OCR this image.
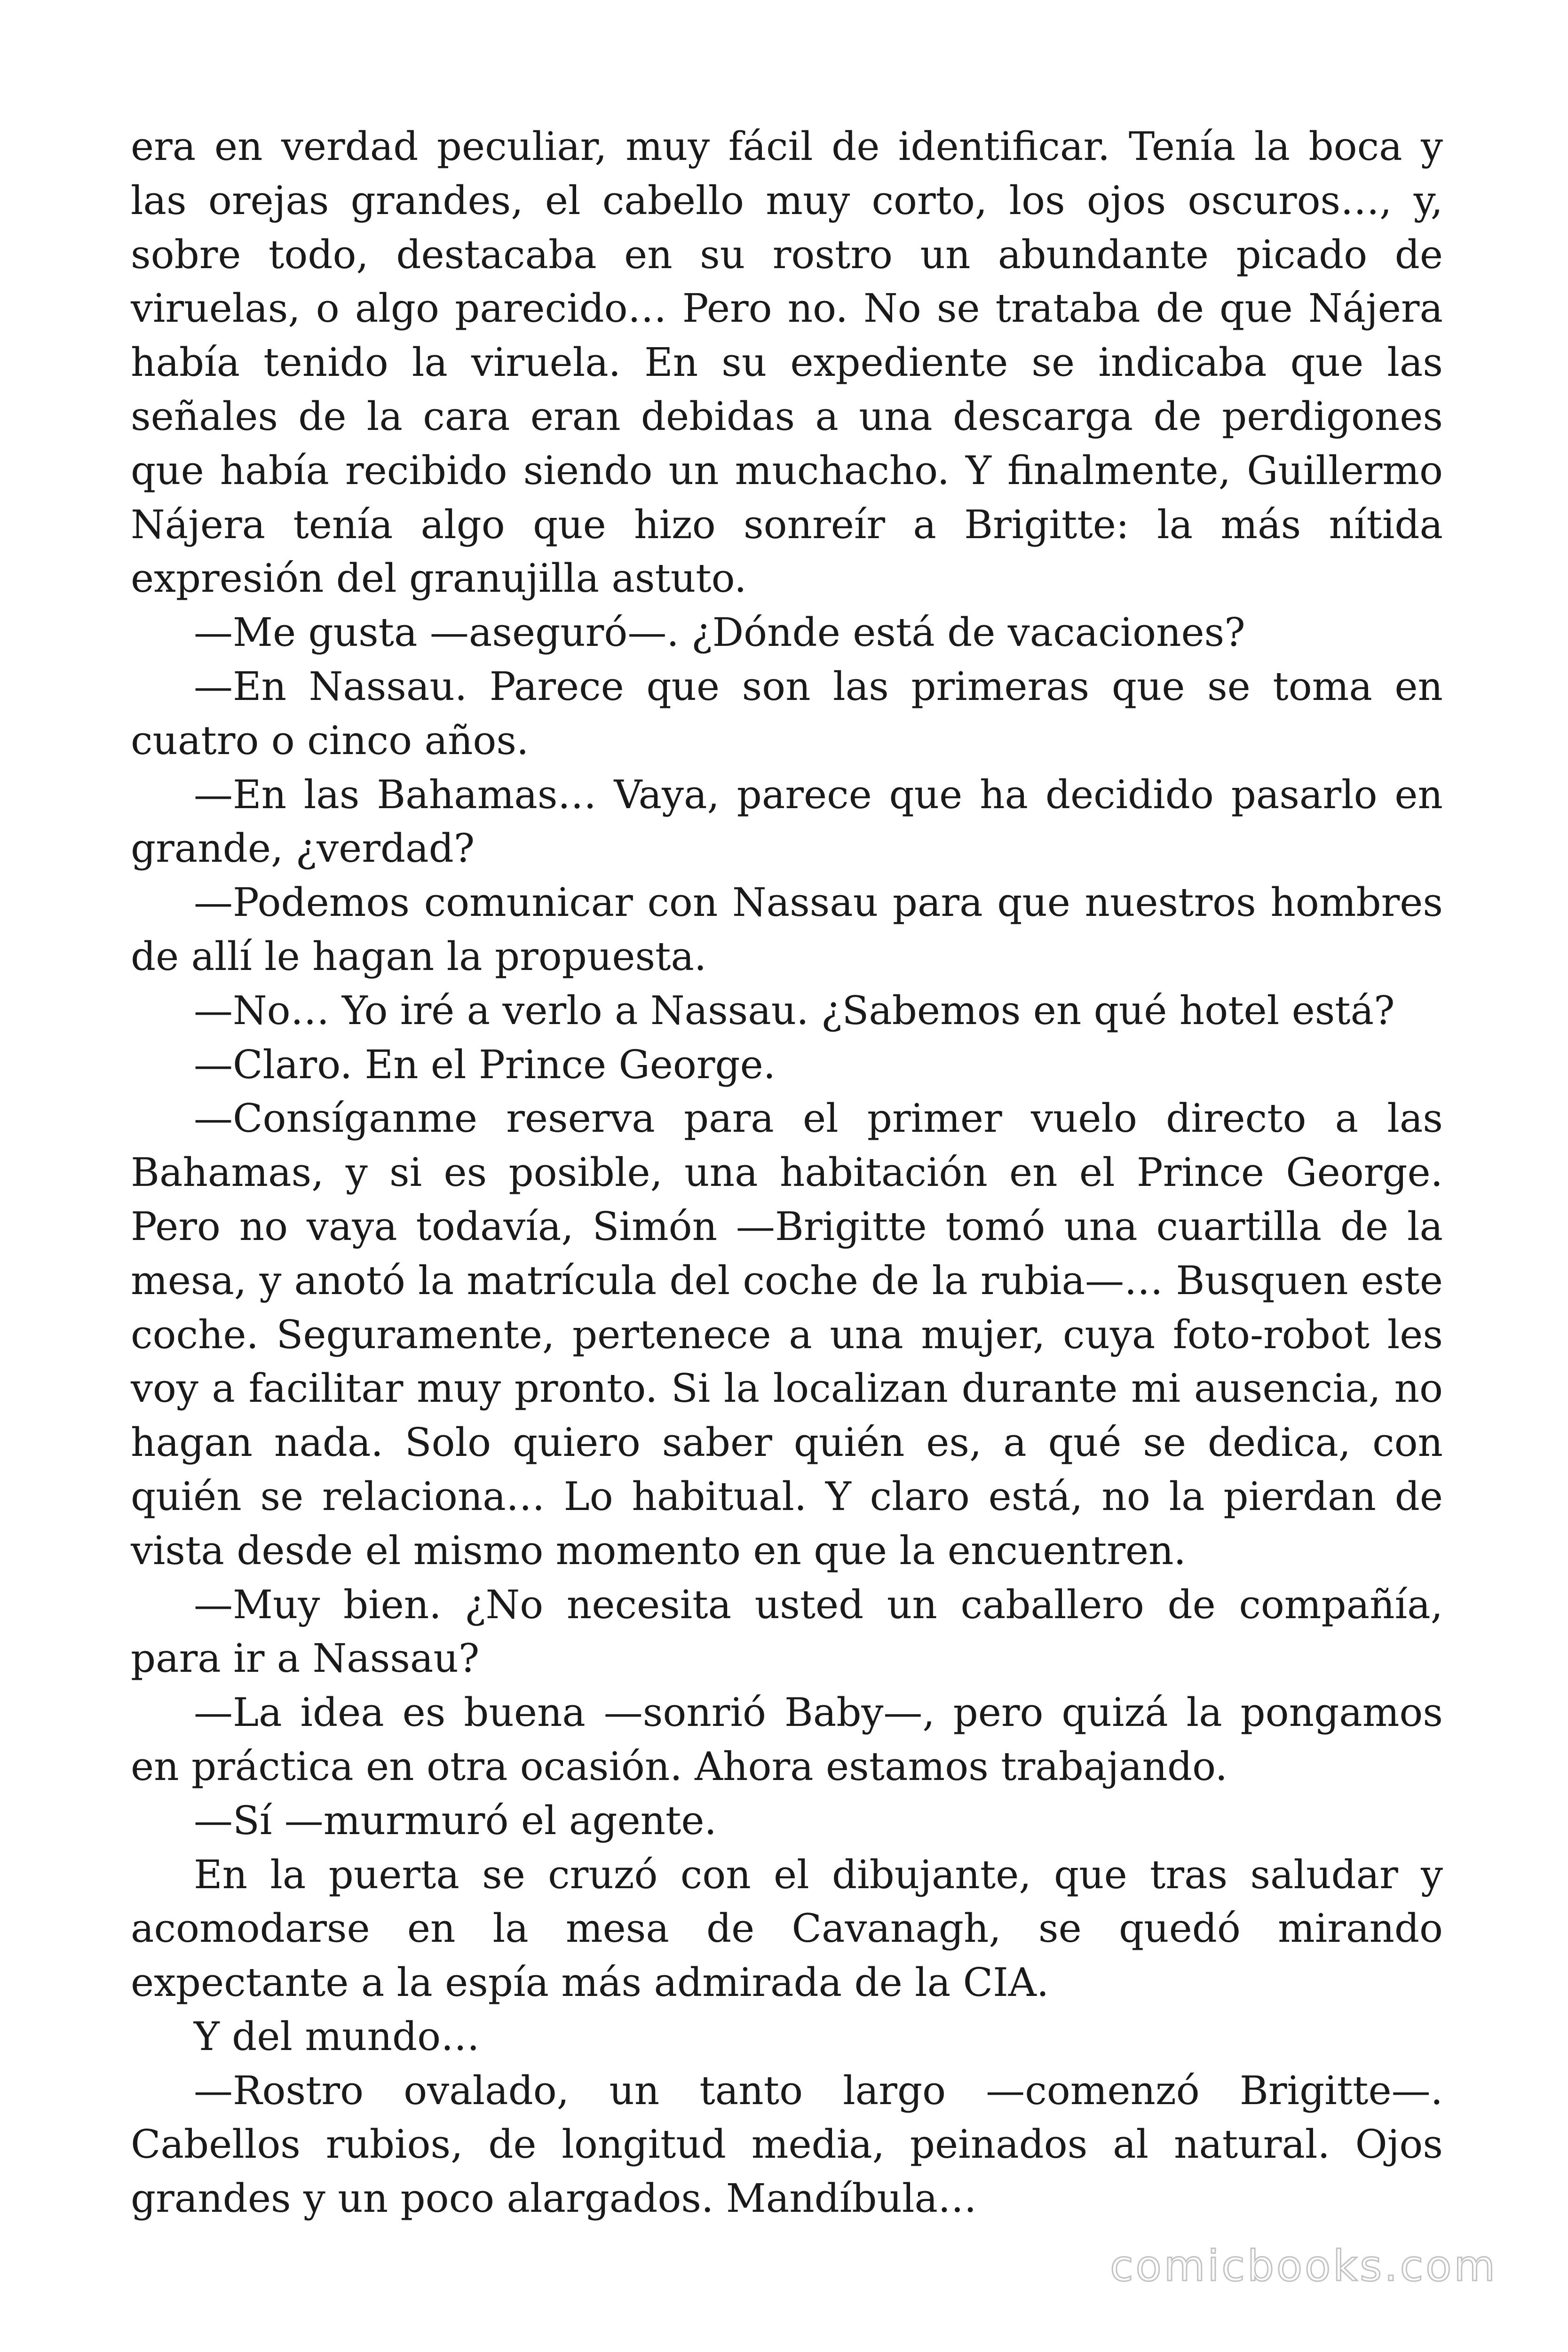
era en verdad peculiar, muy fácil de identificar. Tenía la boca y las orejas grandes, el cabello muy corto, los ojos oscuros…, y, sobre todo, destacaba en su rostro un abundante picado de viruelas, o algo parecido… Pero no. No se trataba de que Nájera había tenido la viruela. En su expediente se indicaba que las señales de la cara eran debidas a una descarga de perdigones que había recibido siendo un muchacho. Y finalmente, Guillermo Nájera tenía algo que hizo sonreír a Brigitte: la más nítida expresión del granujilla astuto.

—Me gusta —aseguró—. ¿Dónde está de vacaciones?

—En Nassau. Parece que son las primeras que se toma en cuatro o cinco años.

—En las Bahamas… Vaya, parece que ha decidido pasarlo en grande, ¿verdad?

—Podemos comunicar con Nassau para que nuestros hombres de allí le hagan la propuesta.

—No… Yo iré a verlo a Nassau. ¿Sabemos en qué hotel está?

—Claro. En el Prince George.

—Consíganme reserva para el primer vuelo directo a las Bahamas, y si es posible, una habitación en el Prince George. Pero no vaya todavía, Simón —Brigitte tomó una cuartilla de la mesa, y anotó la matrícula del coche de la rubia—… Busquen este coche. Seguramente, pertenece a una mujer, cuya foto-robot les voy a facilitar muy pronto. Si la localizan durante mi ausencia, no hagan nada. Solo quiero saber quién es, a qué se dedica, con quién se relaciona… Lo habitual. Y claro está, no la pierdan de vista desde el mismo momento en que la encuentren.

—Muy bien. ¿No necesita usted un caballero de compañía, para ir a Nassau?

—La idea es buena —sonrió Baby—, pero quizá la pongamos en práctica en otra ocasión. Ahora estamos trabajando.

—Sí —murmuró el agente.

En la puerta se cruzó con el dibujante, que tras saludar y acomodarse en la mesa de Cavanagh, se quedó mirando expectante a la espía más admirada de la CIA.

Y del mundo…

—Rostro ovalado, un tanto largo —comenzó Brigitte—. Cabellos rubios, de longitud media, peinados al natural. Ojos grandes y un poco alargados. Mandíbula…

comicbooks.com
